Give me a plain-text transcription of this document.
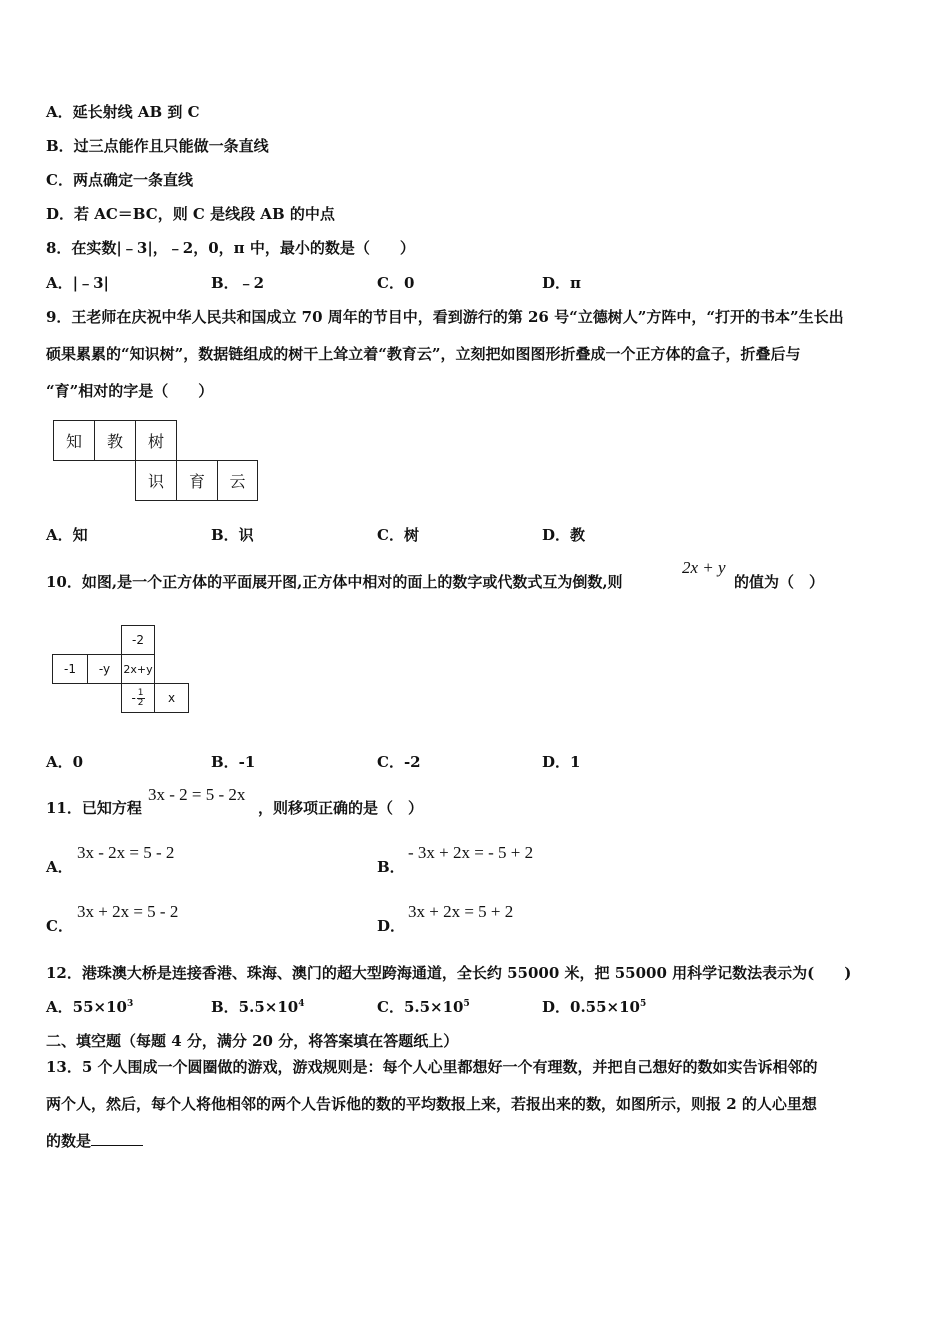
A．延长射线 AB 到 C
B．过三点能作且只能做一条直线
C．两点确定一条直线
D．若 AC＝BC，则 C 是线段 AB 的中点
8．在实数|﹣3|，﹣2，0，π 中，最小的数是（　　）
A．|﹣3|	B．﹣2	C．0	D．π
9．王老师在庆祝中华人民共和国成立 70 周年的节目中，看到游行的第 26 号“立德树人”方阵中，“打开的书本”生长出
硕果累累的“知识树”，数据链组成的树干上耸立着“教育云”，立刻把如图图形折叠成一个正方体的盒子，折叠后与
“育”相对的字是（　　）
知	教	树
识	育	云
A．知	B．识	C．树	D．教
10．如图,是一个正方体的平面展开图,正方体中相对的面上的数字或代数式互为倒数,则
2x + y
的值为（　）
-2
-1	-y	2x+y
- $\frac{1}{2}$	x
A．0	B．-1	C．-2	D．1
11．已知方程
3x - 2 = 5 - 2x
，则移项正确的是（　）
A．
3x - 2x = 5 - 2
B．
- 3x + 2x = - 5 + 2
C．
3x + 2x = 5 - 2
D．
3x + 2x = 5 + 2
12．港珠澳大桥是连接香港、珠海、澳门的超大型跨海通道，全长约 55000 米，把 55000 用科学记数法表示为(　　)
A．$55\times 10^3$	B．$5.5\times 10^4$	C．$5.5\times 10^5$	D．$0.55\times 10^5$
二、填空题（每题 4 分，满分 20 分，将答案填在答题纸上）
13．5 个人围成一个圆圈做的游戏，游戏规则是：每个人心里都想好一个有理数，并把自己想好的数如实告诉相邻的
两个人，然后，每个人将他相邻的两个人告诉他的数的平均数报上来，若报出来的数，如图所示，则报 2 的人心里想
的数是
